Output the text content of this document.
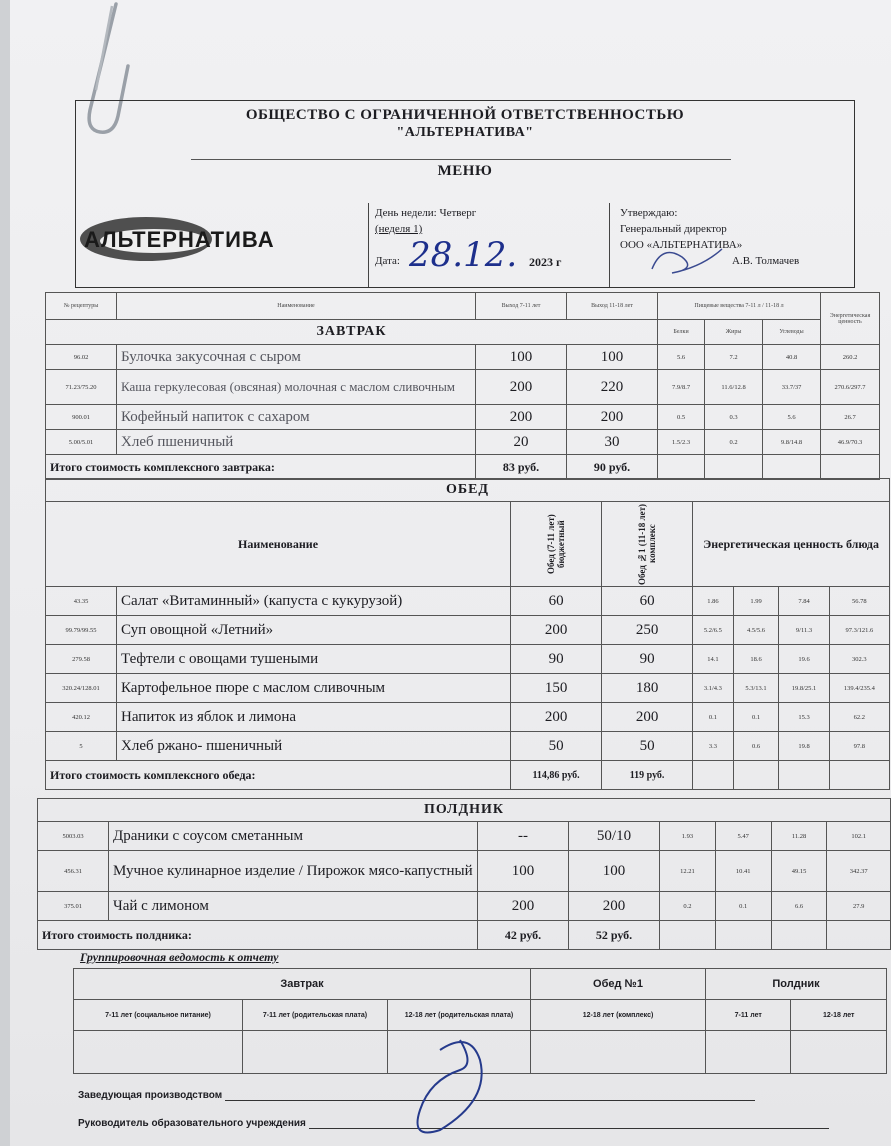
ОБЩЕСТВО С ОГРАНИЧЕННОЙ ОТВЕТСТВЕННОСТЬЮ
"АЛЬТЕРНАТИВА"
МЕНЮ
АЛЬТЕРНАТИВА
День недели: Четверг
(неделя 1)
Дата: 28.12. 2023 г
Утверждаю:
Генеральный директор
ООО «АЛЬТЕРНАТИВА»
А.В. Толмачев
№ рецептуры	Наименование	Выход 7-11 лет	Выход 11-18 лет	Пищевые вещества 7-11 л / 11-18 л			Энергетическая ценность
ЗАВТРАК				Белки	Жиры	Углеводы	
96.02	Булочка закусочная с сыром	100	100	5.6	7.2	40.8	260.2
71.23/75.20	Каша геркулесовая (овсяная) молочная с маслом сливочным	200	220	7.9/8.7	11.6/12.8	33.7/37	270.6/297.7
900.01	Кофейный напиток с сахаром	200	200	0.5	0.3	5.6	26.7
5.00/5.01	Хлеб пшеничный	20	30	1.5/2.3	0.2	9.8/14.8	46.9/70.3
Итого стоимость комплексного завтрака:		83 руб.	90 руб.				
ОБЕД							
Наименование		Обед (7-11 лет) бюджетный	Обед №1 (11-18 лет) комплекс	Энергетическая ценность блюда			
43.35	Салат «Витаминный» (капуста с кукурузой)	60	60	1.86	1.99	7.84	56.78
99.79/99.55	Суп овощной «Летний»	200	250	5.2/6.5	4.5/5.6	9/11.3	97.3/121.6
279.58	Тефтели с овощами тушеными	90	90	14.1	18.6	19.6	302.3
320.24/128.01	Картофельное пюре с маслом сливочным	150	180	3.1/4.3	5.3/13.1	19.8/25.1	139.4/235.4
420.12	Напиток из яблок и лимона	200	200	0.1	0.1	15.3	62.2
5	Хлеб ржано- пшеничный	50	50	3.3	0.6	19.8	97.8
Итого стоимость комплексного обеда:		114,86 руб.	119 руб.				
ПОЛДНИК							
5003.03	Драники с соусом сметанным	--	50/10	1.93	5.47	11.28	102.1
456.31	Мучное кулинарное изделие / Пирожок мясо-капустный	100	100	12.21	10.41	49.15	342.37
375.01	Чай с лимоном	200	200	0.2	0.1	6.6	27.9
Итого стоимость полдника:		42 руб.	52 руб.				
Группировочная ведомость к отчету
Завтрак			Обед №1	Полдник	
7-11 лет (социальное питание)	7-11 лет (родительская плата)	12-18 лет (родительская плата)	12-18 лет (комплекс)	7-11 лет	12-18 лет

Заведующая производством
Руководитель образовательного учреждения
